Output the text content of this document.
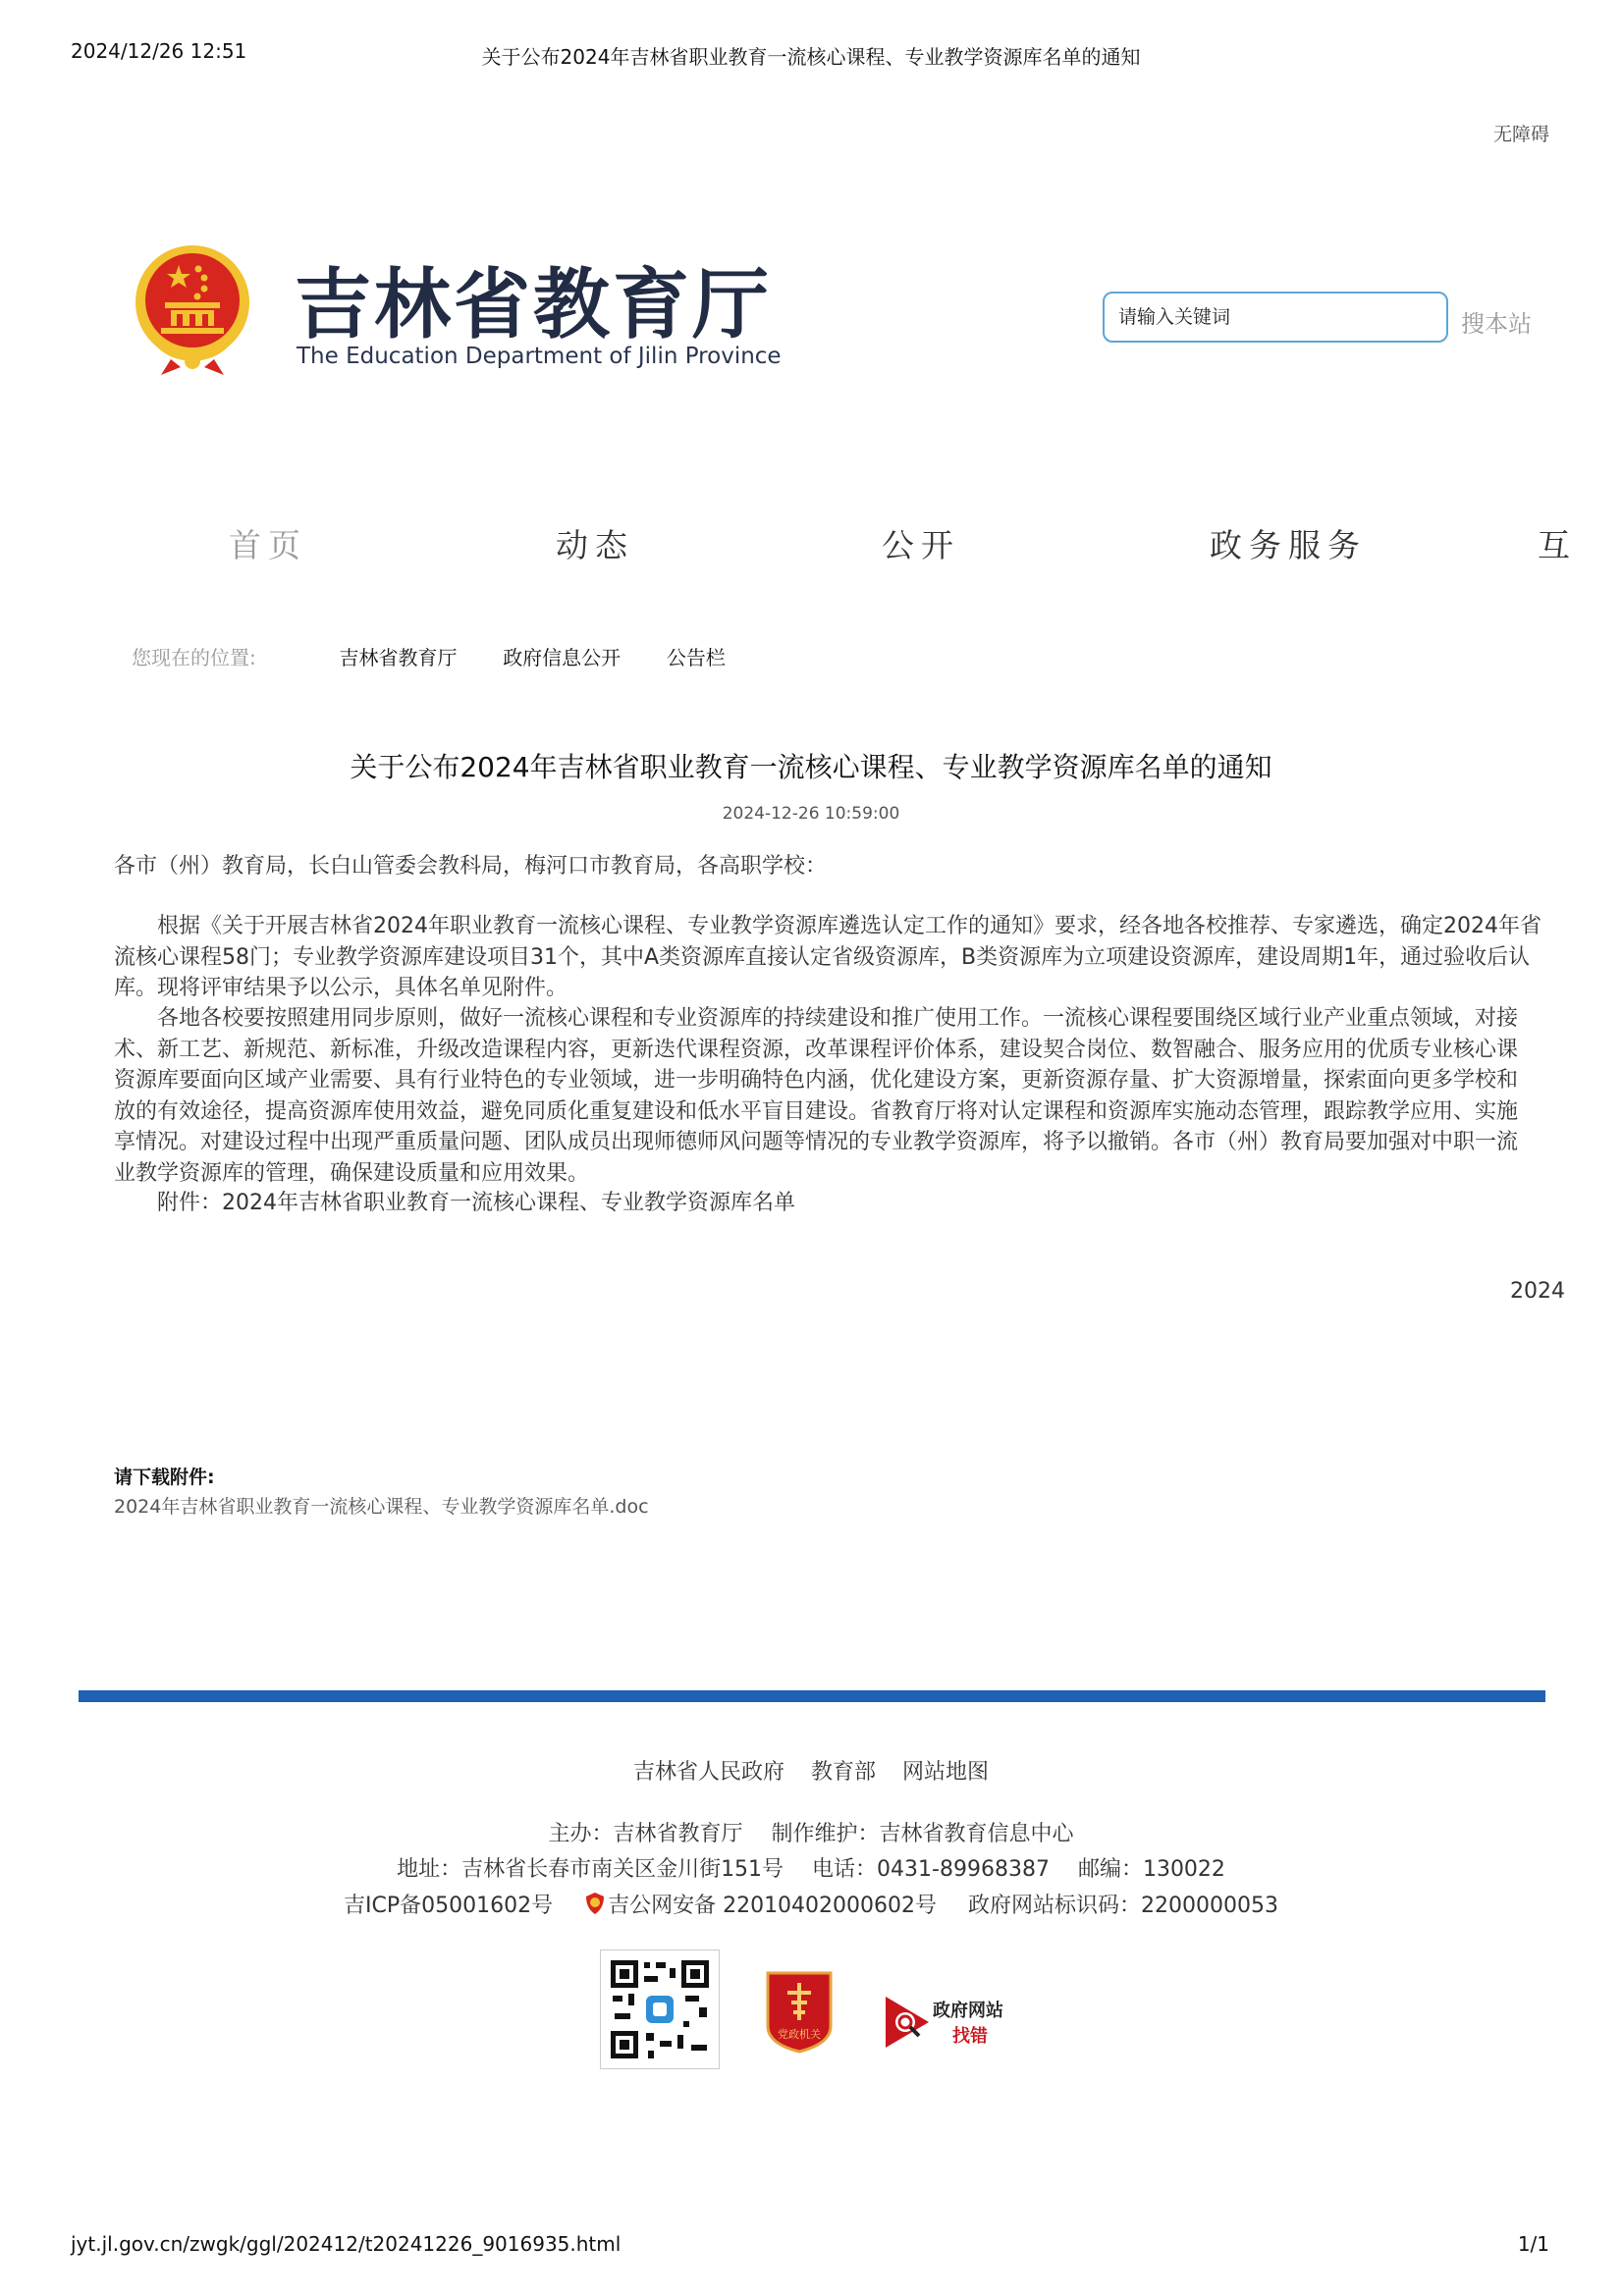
2024/12/26 12:51	关于公布2024年吉林省职业教育一流核心课程、专业教学资源库名单的通知
无障碍
吉林省教育厅
The Education Department of Jilin Province
请输入关键词	搜本站
首页	动态	公开	政务服务	互
您现在的位置:	吉林省教育厅 政府信息公开 公告栏
关于公布2024年吉林省职业教育一流核心课程、专业教学资源库名单的通知
2024-12-26 10:59:00
各市（州）教育局，长白山管委会教科局，梅河口市教育局，各高职学校：
　　根据《关于开展吉林省2024年职业教育一流核心课程、专业教学资源库遴选认定工作的通知》要求，经各地各校推荐、专家遴选，确定2024年省
流核心课程58门；专业教学资源库建设项目31个，其中A类资源库直接认定省级资源库，B类资源库为立项建设资源库，建设周期1年，通过验收后认
库。现将评审结果予以公示，具体名单见附件。
　　各地各校要按照建用同步原则，做好一流核心课程和专业资源库的持续建设和推广使用工作。一流核心课程要围绕区域行业产业重点领域，对接
术、新工艺、新规范、新标准，升级改造课程内容，更新迭代课程资源，改革课程评价体系，建设契合岗位、数智融合、服务应用的优质专业核心课
资源库要面向区域产业需要、具有行业特色的专业领域，进一步明确特色内涵，优化建设方案，更新资源存量、扩大资源增量，探索面向更多学校和
放的有效途径，提高资源库使用效益，避免同质化重复建设和低水平盲目建设。省教育厅将对认定课程和资源库实施动态管理，跟踪教学应用、实施
享情况。对建设过程中出现严重质量问题、团队成员出现师德师风问题等情况的专业教学资源库，将予以撤销。各市（州）教育局要加强对中职一流
业教学资源库的管理，确保建设质量和应用效果。
　　附件：2024年吉林省职业教育一流核心课程、专业教学资源库名单
2024
请下载附件:
2024年吉林省职业教育一流核心课程、专业教学资源库名单.doc
吉林省人民政府 教育部 网站地图
主办：吉林省教育厅　 制作维护：吉林省教育信息中心
地址：吉林省长春市南关区金川街151号　 电话：0431-89968387　 邮编：130022
吉ICP备05001602号	吉公网安备 22010402000602号 政府网站标识码：2200000053
党政机关
政府网站
找错
jyt.jl.gov.cn/zwgk/ggl/202412/t20241226_9016935.html	1/1
